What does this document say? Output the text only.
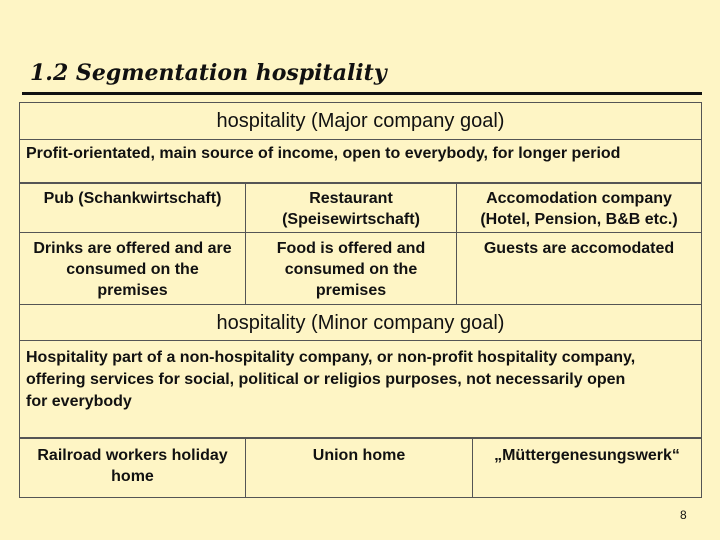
1.2 Segmentation hospitality
hospitality (Major company goal)
Profit-orientated, main source of income, open to everybody, for longer period
Pub (Schankwirtschaft)	Restaurant (Speisewirtschaft)
Accomodation company (Hotel, Pension, B&B etc.)
Drinks are offered and are consumed on the premises
Food is offered and consumed on the premises
Guests are accomodated
hospitality (Minor company goal)
Hospitality part of a non-hospitality company, or non-profit hospitality company, offering services for social, political or religios purposes, not necessarily open for everybody
Railroad workers holiday home
Union home	„Müttergenesungswerk“
8
